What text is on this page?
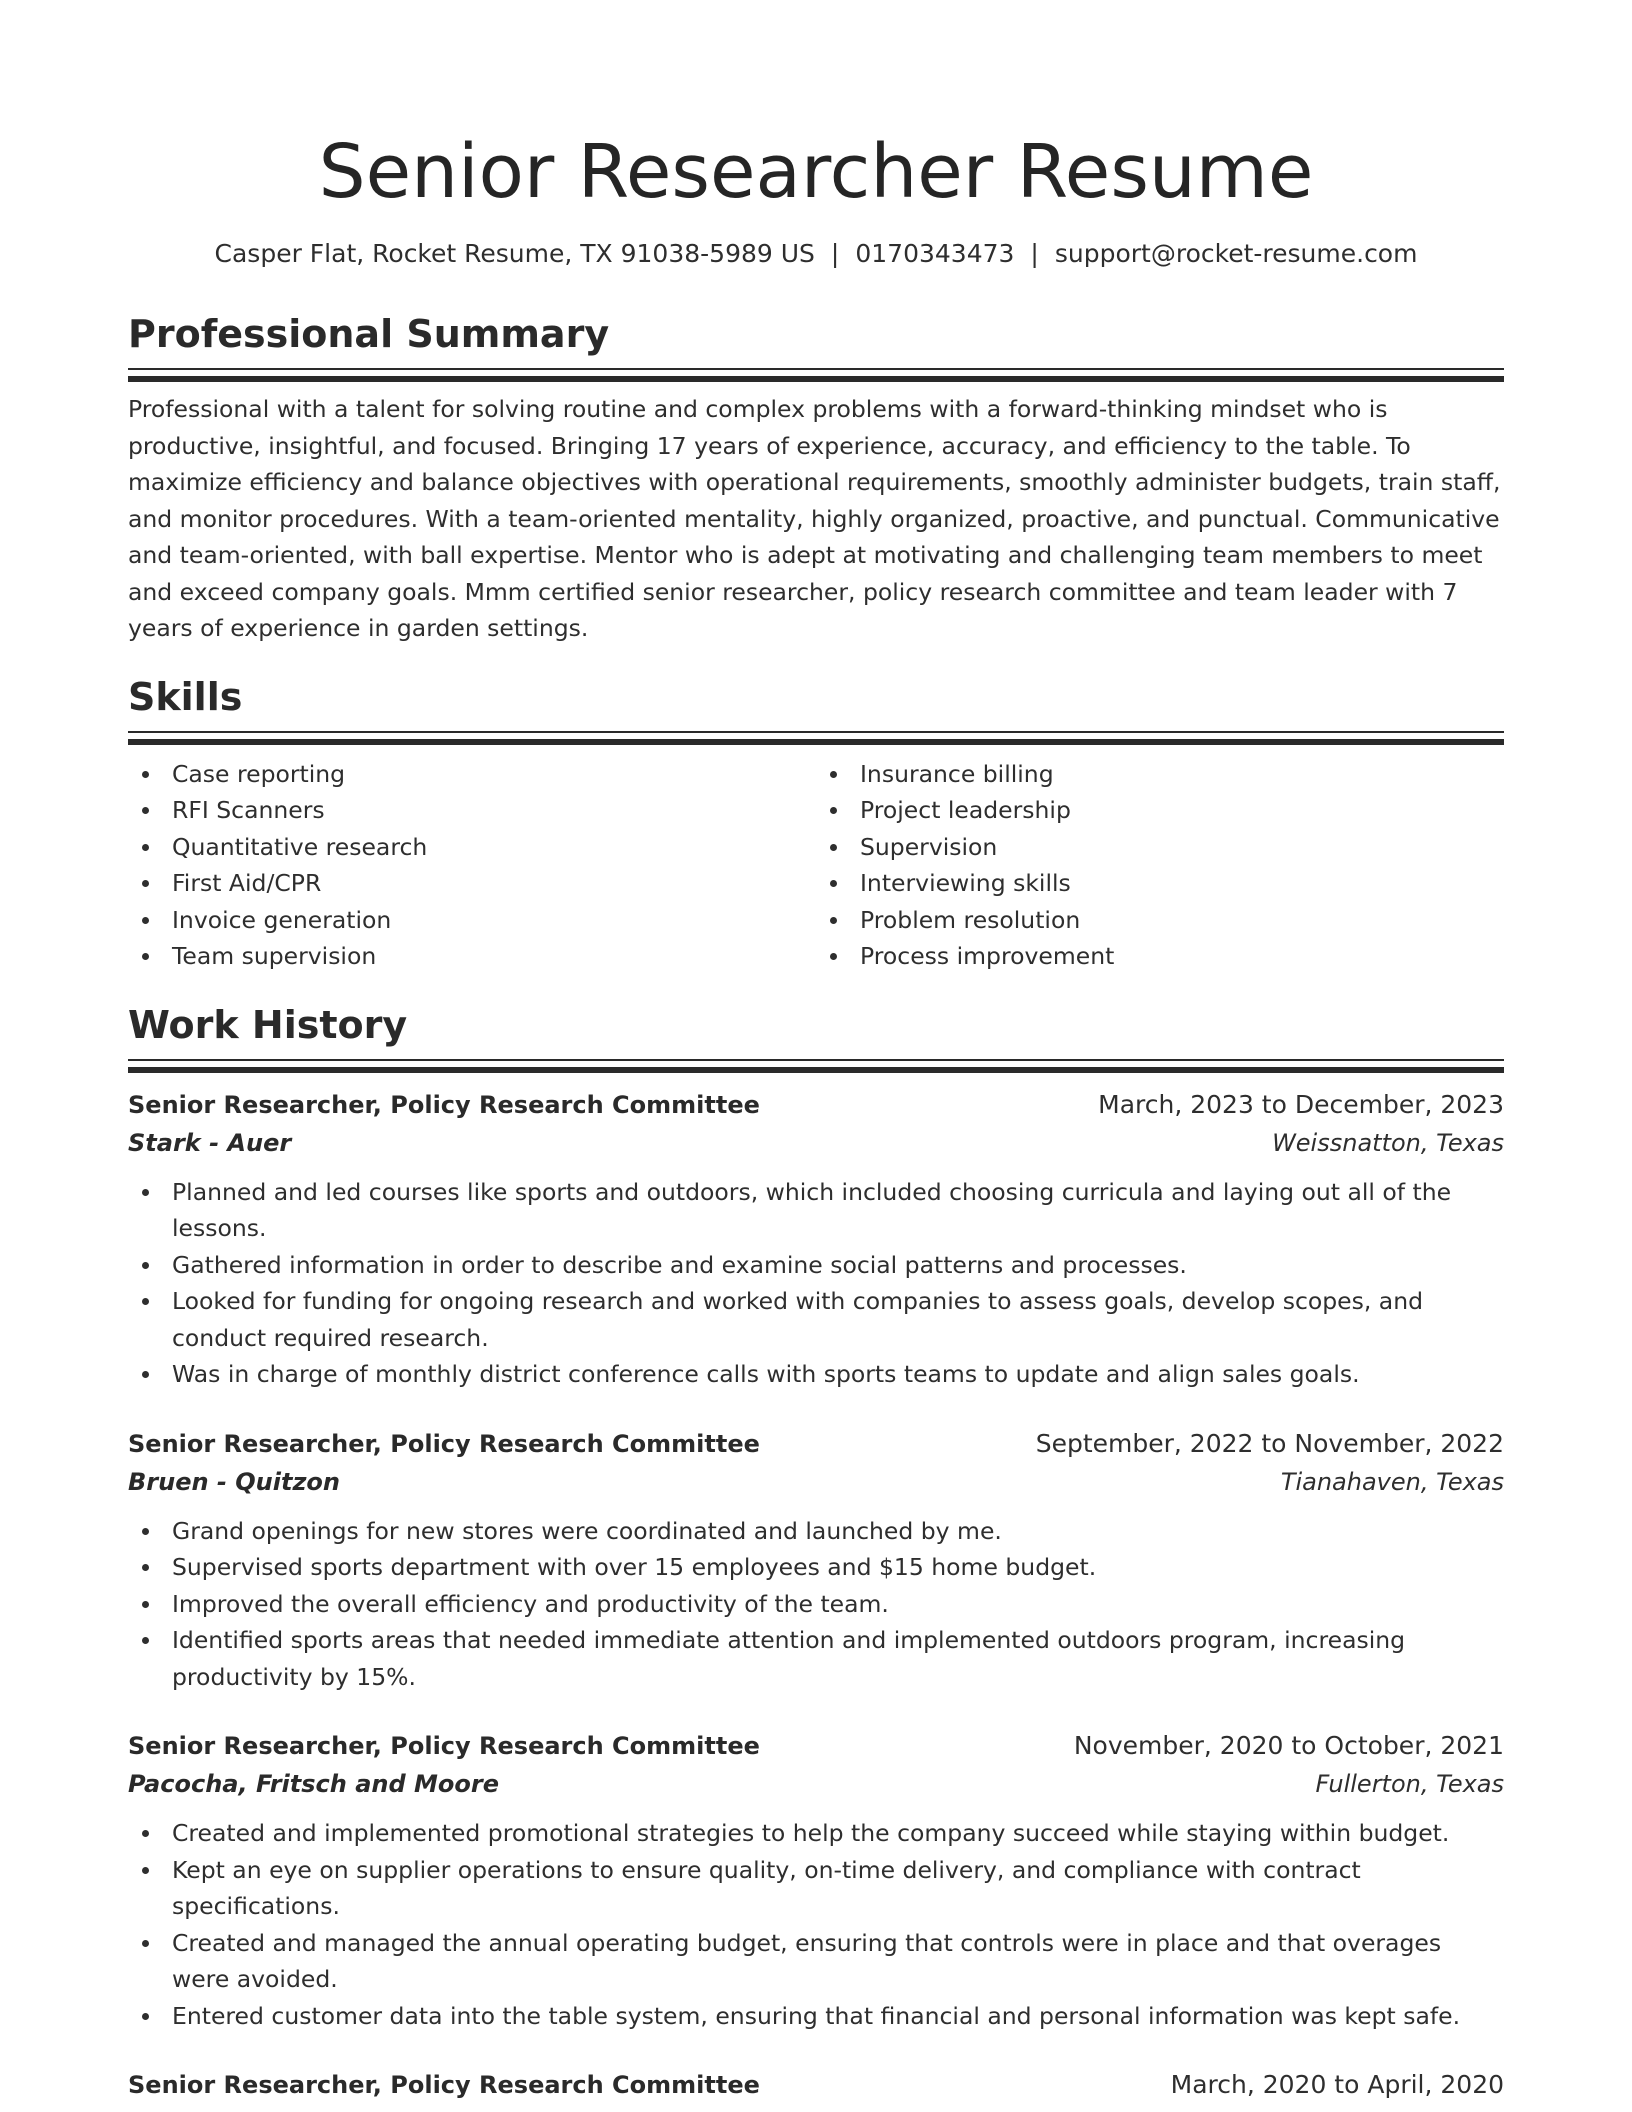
Senior Researcher Resume
Casper Flat, Rocket Resume, TX 91038-5989 US | 0170343473 | support@rocket-resume.com
Professional Summary

Professional with a talent for solving routine and complex problems with a forward-thinking mindset who is productive, insightful, and focused. Bringing 17 years of experience, accuracy, and efficiency to the table. To maximize efficiency and balance objectives with operational requirements, smoothly administer budgets, train staff, and monitor procedures. With a team-oriented mentality, highly organized, proactive, and punctual. Communicative and team-oriented, with ball expertise. Mentor who is adept at motivating and challenging team members to meet and exceed company goals. Mmm certified senior researcher, policy research committee and team leader with 7 years of experience in garden settings.

Skills
Case reporting
RFI Scanners
Quantitative research
First Aid/CPR
Invoice generation
Team supervision
Insurance billing
Project leadership
Supervision
Interviewing skills
Problem resolution
Process improvement
Work History
Senior Researcher, Policy Research Committee	March, 2023 to December, 2023
Stark - Auer	Weissnatton, Texas
Planned and led courses like sports and outdoors, which included choosing curricula and laying out all of the lessons.
Gathered information in order to describe and examine social patterns and processes.
Looked for funding for ongoing research and worked with companies to assess goals, develop scopes, and conduct required research.
Was in charge of monthly district conference calls with sports teams to update and align sales goals.
Senior Researcher, Policy Research Committee	September, 2022 to November, 2022
Bruen - Quitzon	Tianahaven, Texas
Grand openings for new stores were coordinated and launched by me.
Supervised sports department with over 15 employees and $15 home budget.
Improved the overall efficiency and productivity of the team.
Identified sports areas that needed immediate attention and implemented outdoors program, increasing productivity by 15%.
Senior Researcher, Policy Research Committee	November, 2020 to October, 2021
Pacocha, Fritsch and Moore	Fullerton, Texas
Created and implemented promotional strategies to help the company succeed while staying within budget.
Kept an eye on supplier operations to ensure quality, on-time delivery, and compliance with contract specifications.
Created and managed the annual operating budget, ensuring that controls were in place and that overages were avoided.
Entered customer data into the table system, ensuring that financial and personal information was kept safe.
Senior Researcher, Policy Research Committee	March, 2020 to April, 2020
